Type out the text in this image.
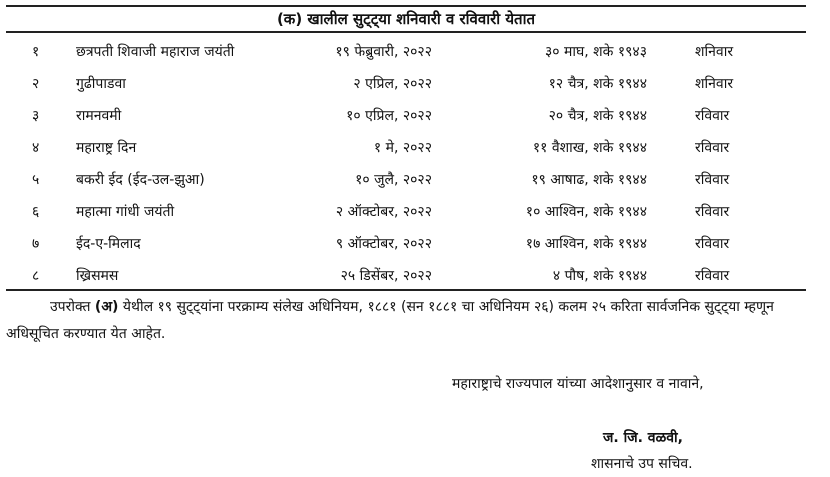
(क) खालील सुट्ट्या शनिवारी व रविवारी येतात
१	छत्रपती शिवाजी महाराज जयंती	१९ फेब्रुवारी, २०२२	३० माघ, शके १९४३	शनिवार
२	गुढीपाडवा	२ एप्रिल, २०२२	१२ चैत्र, शके १९४४	शनिवार
३	रामनवमी	१० एप्रिल, २०२२	२० चैत्र, शके १९४४	रविवार
४	महाराष्ट्र दिन	१ मे, २०२२	११ वैशाख, शके १९४४	रविवार
५	बकरी ईद (ईद-उल-झुआ)	१० जुलै, २०२२	१९ आषाढ, शके १९४४	रविवार
६	महात्मा गांधी जयंती	२ ऑक्टोबर, २०२२	१० आश्विन, शके १९४४	रविवार
७	ईद-ए-मिलाद	९ ऑक्टोबर, २०२२	१७ आश्विन, शके १९४४	रविवार
८	ख्रिसमस	२५ डिसेंबर, २०२२	४ पौष, शके १९४४	रविवार
उपरोक्त (अ) येथील १९ सुट्ट्यांना परक्राम्य संलेख अधिनियम, १८८१ (सन १८८१ चा अधिनियम २६) कलम २५ करिता सार्वजनिक सुट्ट्या म्हणून अधिसूचित करण्यात येत आहेत.
महाराष्ट्राचे राज्यपाल यांच्या आदेशानुसार व नावाने,
ज. जि. वळवी,
शासनाचे उप सचिव.
